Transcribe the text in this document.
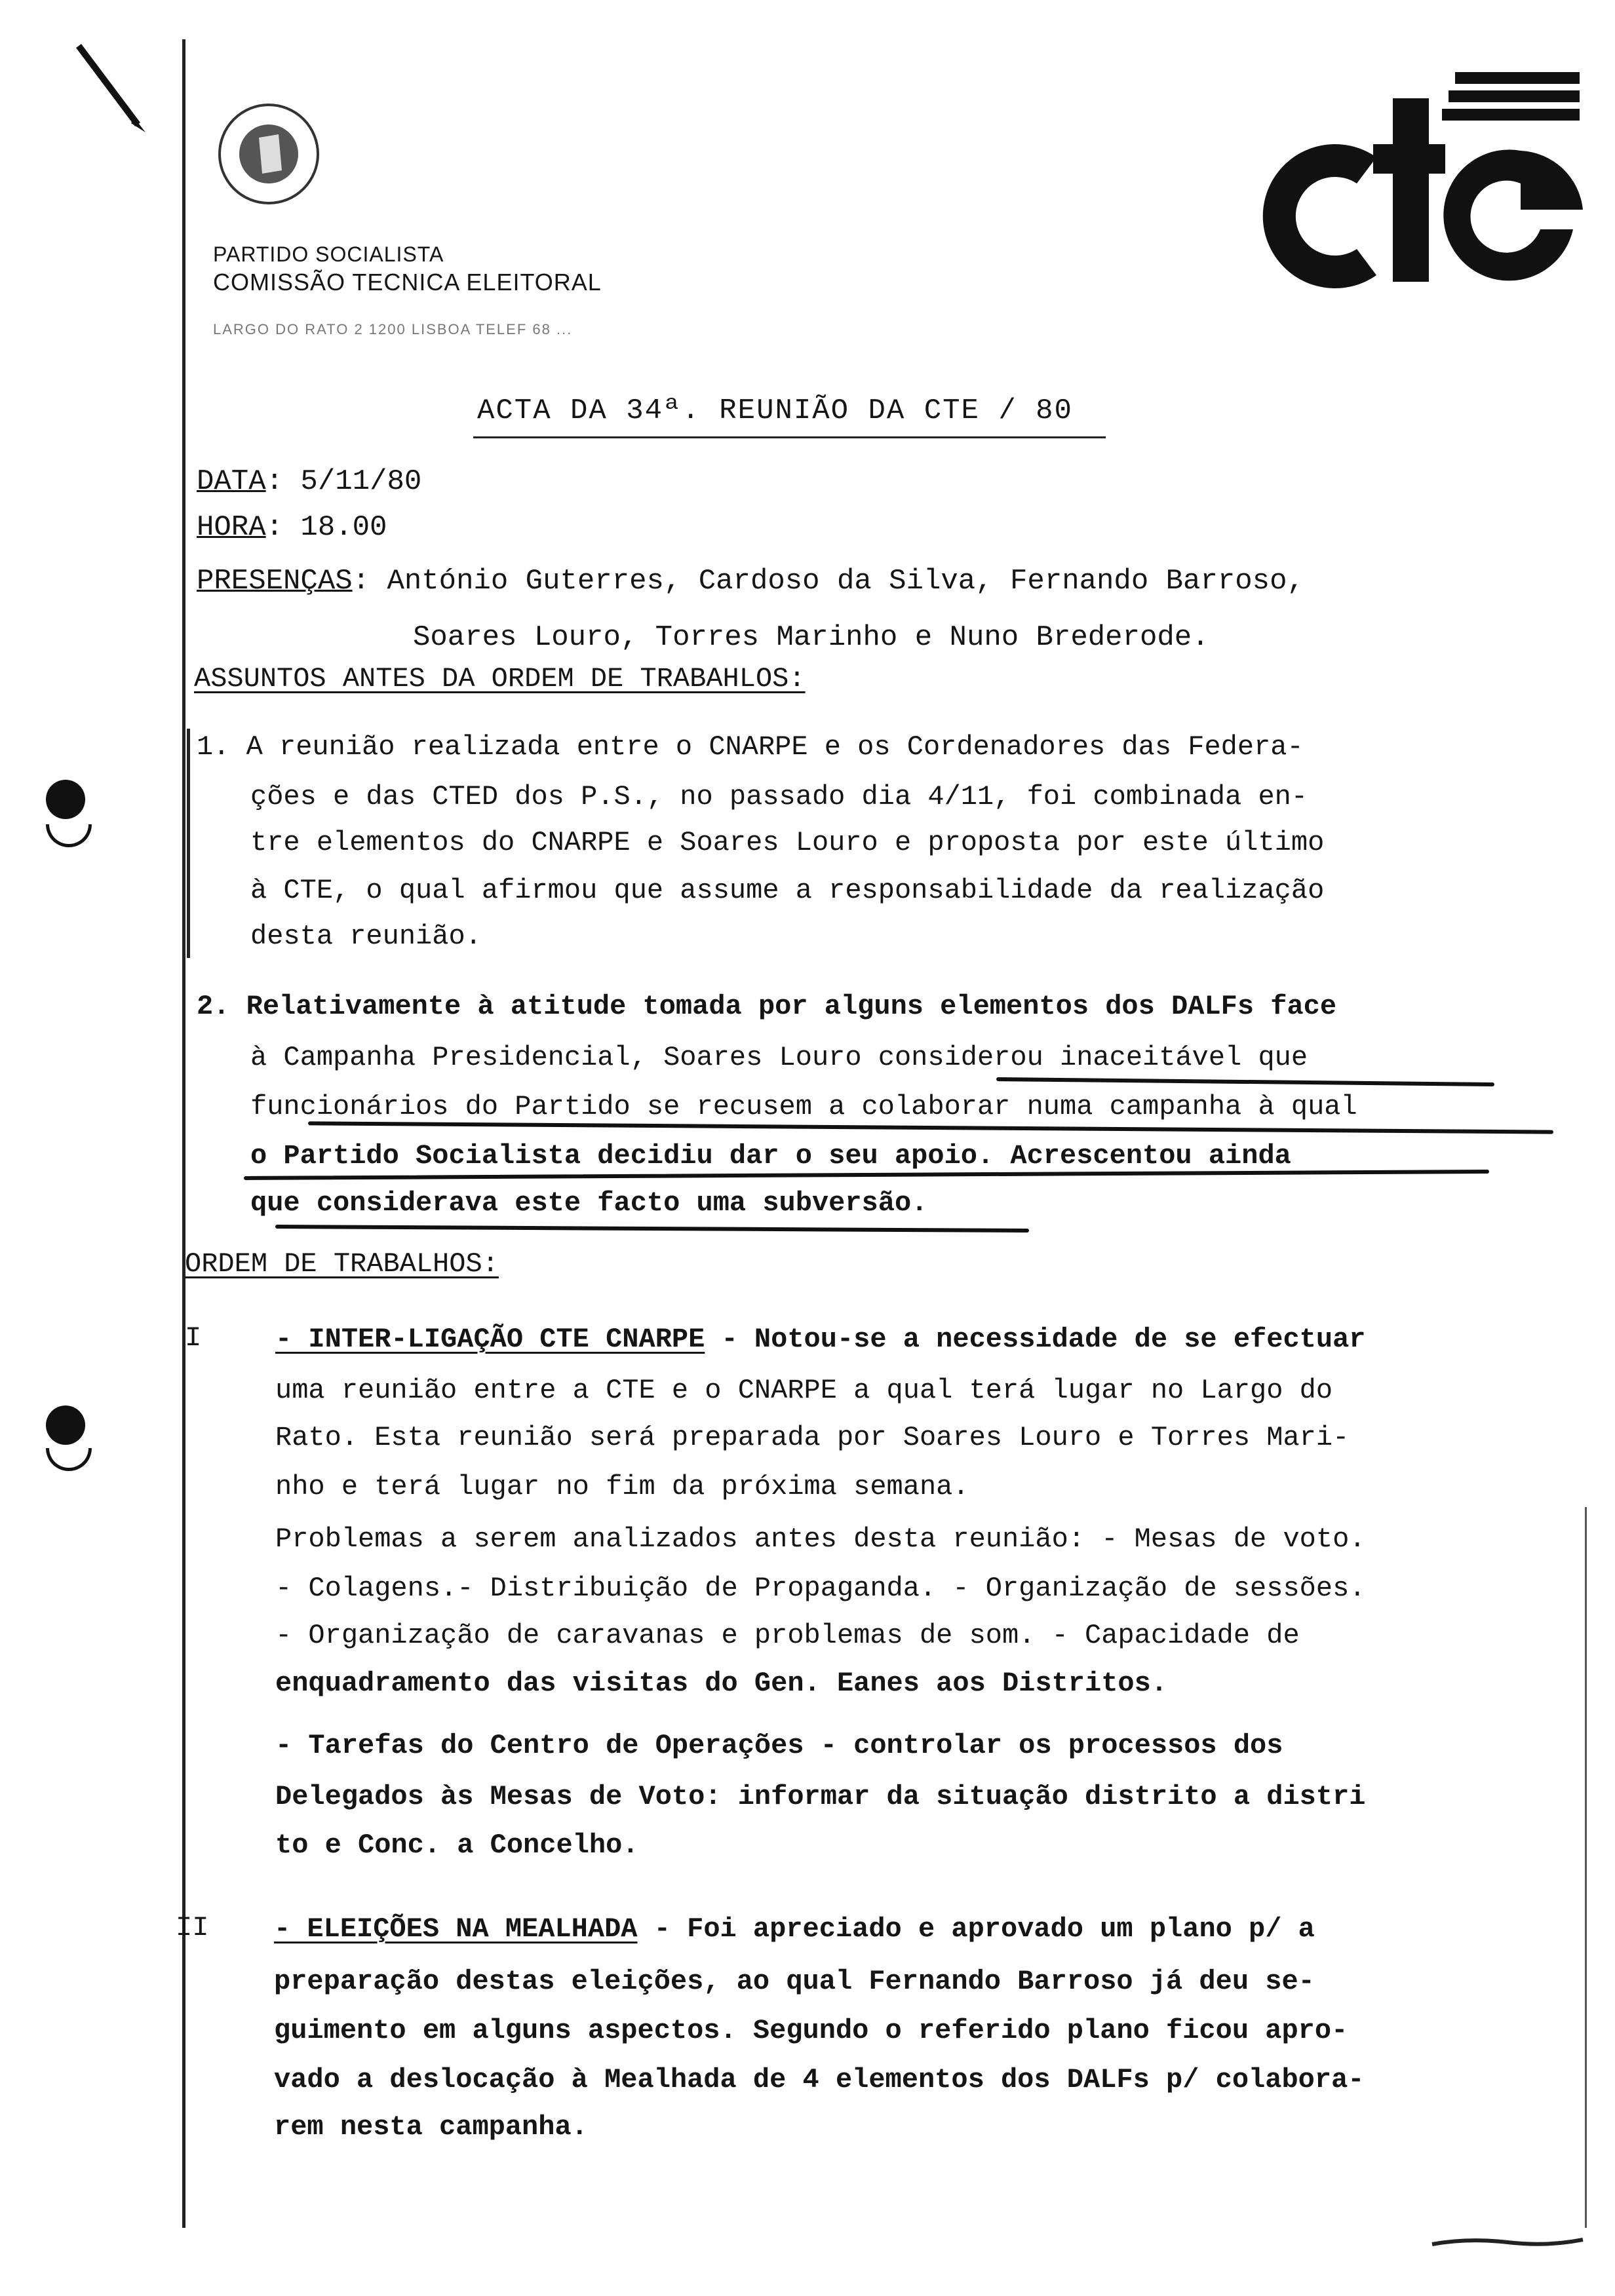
PARTIDO SOCIALISTA
COMISSÃO TECNICA ELEITORAL
LARGO DO RATO 2 1200 LISBOA TELEF 68 ...
ACTA DA 34ª. REUNIÃO DA CTE / 80
DATA: 5/11/80
HORA: 18.00
PRESENÇAS: António Guterres, Cardoso da Silva, Fernando Barroso,
Soares Louro, Torres Marinho e Nuno Brederode.
ASSUNTOS ANTES DA ORDEM DE TRABAHLOS:
1. A reunião realizada entre o CNARPE e os Cordenadores das Federa-
ções e das CTED dos P.S., no passado dia 4/11, foi combinada en-
tre elementos do CNARPE e Soares Louro e proposta por este último
à CTE, o qual afirmou que assume a responsabilidade da realização
desta reunião.
2. Relativamente à atitude tomada por alguns elementos dos DALFs face
à Campanha Presidencial, Soares Louro considerou inaceitável que
funcionários do Partido se recusem a colaborar numa campanha à qual
o Partido Socialista decidiu dar o seu apoio. Acrescentou ainda
que considerava este facto uma subversão.
ORDEM DE TRABALHOS:
I	- INTER-LIGAÇÃO CTE CNARPE - Notou-se a necessidade de se efectuar
uma reunião entre a CTE e o CNARPE a qual terá lugar no Largo do
Rato. Esta reunião será preparada por Soares Louro e Torres Mari-
nho e terá lugar no fim da próxima semana.
Problemas a serem analizados antes desta reunião: - Mesas de voto.
- Colagens.- Distribuição de Propaganda. - Organização de sessões.
- Organização de caravanas e problemas de som. - Capacidade de
enquadramento das visitas do Gen. Eanes aos Distritos.
- Tarefas do Centro de Operações - controlar os processos dos
Delegados às Mesas de Voto: informar da situação distrito a distri
to e Conc. a Concelho.
II - ELEIÇÕES NA MEALHADA - Foi apreciado e aprovado um plano p/ a
preparação destas eleições, ao qual Fernando Barroso já deu se-
guimento em alguns aspectos. Segundo o referido plano ficou apro-
vado a deslocação à Mealhada de 4 elementos dos DALFs p/ colabora-
rem nesta campanha.
